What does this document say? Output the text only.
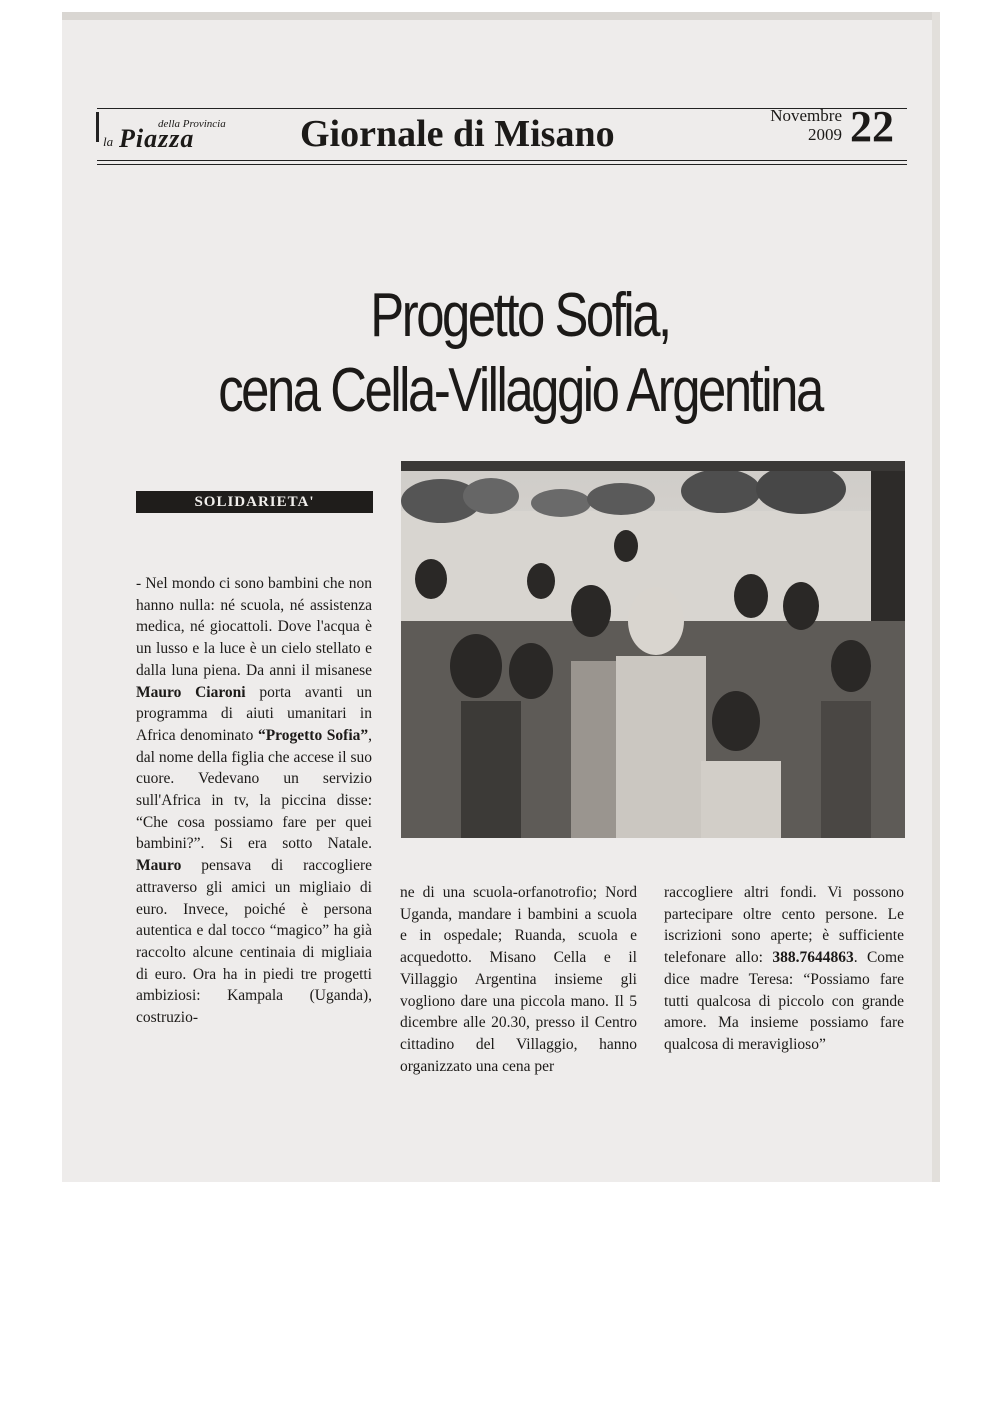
la
della Provincia
Piazza	Giornale di Misano	Novembre
2009 22
Progetto Sofia,
cena Cella-Villaggio Argentina
SOLIDARIETA'

- Nel mondo ci sono bambini che non hanno nulla: né scuola, né assistenza medica, né giocattoli. Dove l'acqua è un lusso e la luce è un cielo stellato e dalla luna piena. Da anni il misanese Mauro Ciaroni porta avanti un programma di aiuti umanitari in Africa denominato “Progetto Sofia”, dal nome della figlia che accese il suo cuore. Vedevano un servizio sull'Africa in tv, la piccina disse: “Che cosa possiamo fare per quei bambini?”. Si era sotto Natale. Mauro pensava di raccogliere attraverso gli amici un migliaio di euro. Invece, poiché è persona autentica e dal tocco “magico” ha già raccolto alcune centinaia di migliaia di euro. Ora ha in piedi tre progetti ambiziosi: Kampala (Uganda), costruzio-

ne di una scuola-orfanotrofio; Nord Uganda, mandare i bambini a scuola e in ospedale; Ruanda, scuola e acquedotto. Misano Cella e il Villaggio Argentina insieme gli vogliono dare una piccola mano. Il 5 dicembre alle 20.30, presso il Centro cittadino del Villaggio, hanno organizzato una cena per

raccogliere altri fondi. Vi possono partecipare oltre cento persone. Le iscrizioni sono aperte; è sufficiente telefonare allo: 388.7644863. Come dice madre Teresa: “Possiamo fare tutti qualcosa di piccolo con grande amore. Ma insieme possiamo fare qualcosa di meraviglioso”
